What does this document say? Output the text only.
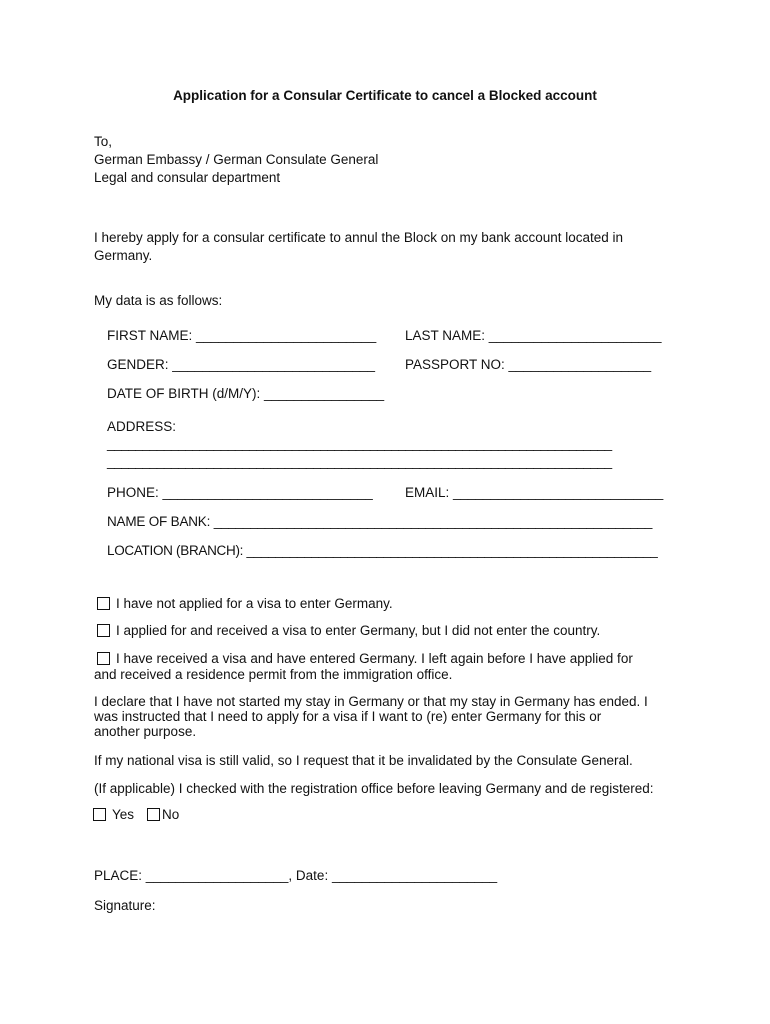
Application for a Consular Certificate to cancel a Blocked account
To,
German Embassy / German Consulate General
Legal and consular department
I hereby apply for a consular certificate to annul the Block on my bank account located in
Germany.
My data is as follows:
FIRST NAME: ________________________ LAST NAME: _______________________
GENDER: ___________________________ PASSPORT NO: ___________________
DATE OF BIRTH (d/M/Y): ________________
ADDRESS:
_______________________________________________________________________
_______________________________________________________________________
PHONE: ____________________________ EMAIL: ____________________________
NAME OF BANK: ____________________________________________________________
LOCATION (BRANCH): _________________________________________________________
I have not applied for a visa to enter Germany.
I applied for and received a visa to enter Germany, but I did not enter the country.
I have received a visa and have entered Germany. I left again before I have applied for
and received a residence permit from the immigration office.
I declare that I have not started my stay in Germany or that my stay in Germany has ended. I
was instructed that I need to apply for a visa if I want to (re) enter Germany for this or
another purpose.
If my national visa is still valid, so I request that it be invalidated by the Consulate General.
(If applicable) I checked with the registration office before leaving Germany and de registered:
Yes	No
PLACE: ___________________, Date: ______________________
Signature:
